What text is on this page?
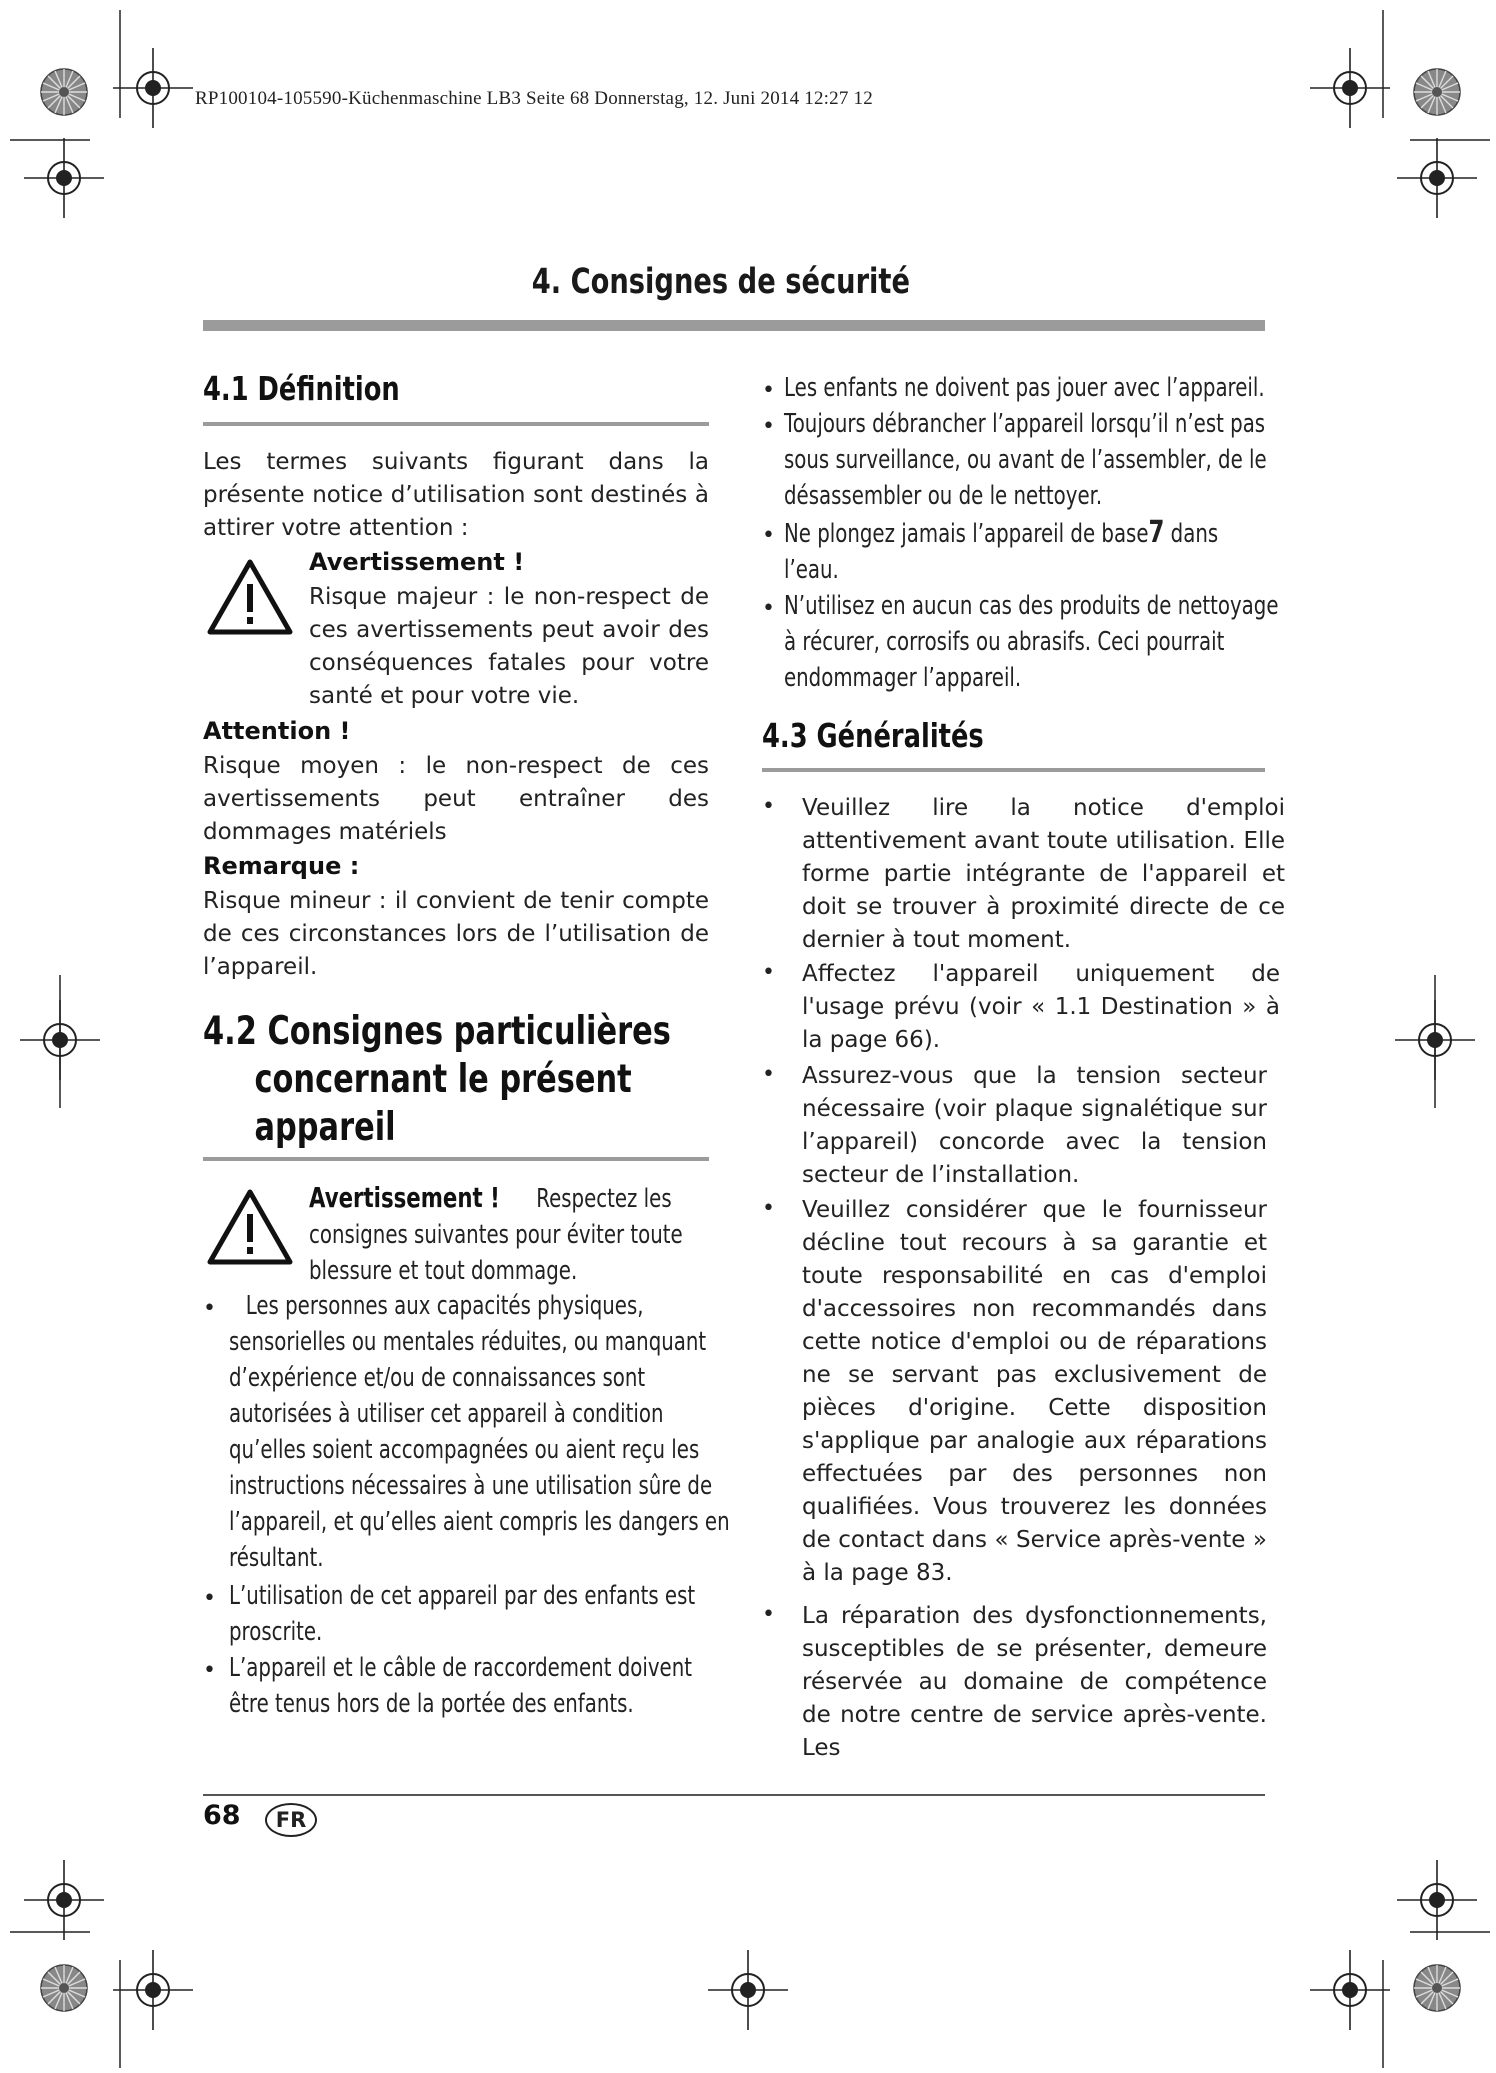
RP100104-105590-Küchenmaschine LB3 Seite 68 Donnerstag, 12. Juni 2014 12:27 12
4. Consignes de sécurité
4.1 Définition
Les termes suivants figurant dans la présente notice d’utilisation sont destinés à attirer votre attention :
Avertissement !
Risque majeur : le non-respect de ces avertissements peut avoir des conséquences fatales pour votre santé et pour votre vie.
Attention !
Risque moyen : le non-respect de ces avertissements peut entraîner des dommages matériels
Remarque :
Risque mineur : il convient de tenir compte de ces circonstances lors de l’utilisation de l’appareil.
4.2 Consignes particulières
concernant le présent
appareil
Avertissement ! Respectez les
consignes suivantes pour éviter toute
blessure et tout dommage.
•	Les personnes aux capacités physiques,
sensorielles ou mentales réduites, ou manquant
d’expérience et/ou de connaissances sont
autorisées à utiliser cet appareil à condition
qu’elles soient accompagnées ou aient reçu les
instructions nécessaires à une utilisation sûre de
l’appareil, et qu’elles aient compris les dangers en
résultant.
• L’utilisation de cet appareil par des enfants est
proscrite.
• L’appareil et le câble de raccordement doivent
être tenus hors de la portée des enfants.
• Les enfants ne doivent pas jouer avec l’appareil.
• Toujours débrancher l’appareil lorsqu’il n’est pas
sous surveillance, ou avant de l’assembler, de le
désassembler ou de le nettoyer.
• Ne plongez jamais l’appareil de base7 dans
l’eau.
• N’utilisez en aucun cas des produits de nettoyage
à récurer, corrosifs ou abrasifs. Ceci pourrait
endommager l’appareil.
4.3 Généralités
• Veuillez lire la notice d'emploi attentivement avant toute utilisation. Elle forme partie intégrante de l'appareil et doit se trouver à proximité directe de ce dernier à tout moment.
• Affectez l'appareil uniquement de l'usage prévu (voir « 1.1 Destination » à la page 66).
• Assurez-vous que la tension secteur nécessaire (voir plaque signalétique sur l’appareil) concorde avec la tension secteur de l’installation.
• Veuillez considérer que le fournisseur décline tout recours à sa garantie et toute responsabilité en cas d'emploi d'accessoires non recommandés dans cette notice d'emploi ou de réparations ne se servant pas exclusivement de pièces d'origine. Cette disposition s'applique par analogie aux réparations effectuées par des personnes non qualifiées. Vous trouverez les données de contact dans « Service après-vente » à la page 83.
• La réparation des dysfonctionnements, susceptibles de se présenter, demeure réservée au domaine de compétence de notre centre de service après-vente. Les
68	FR
